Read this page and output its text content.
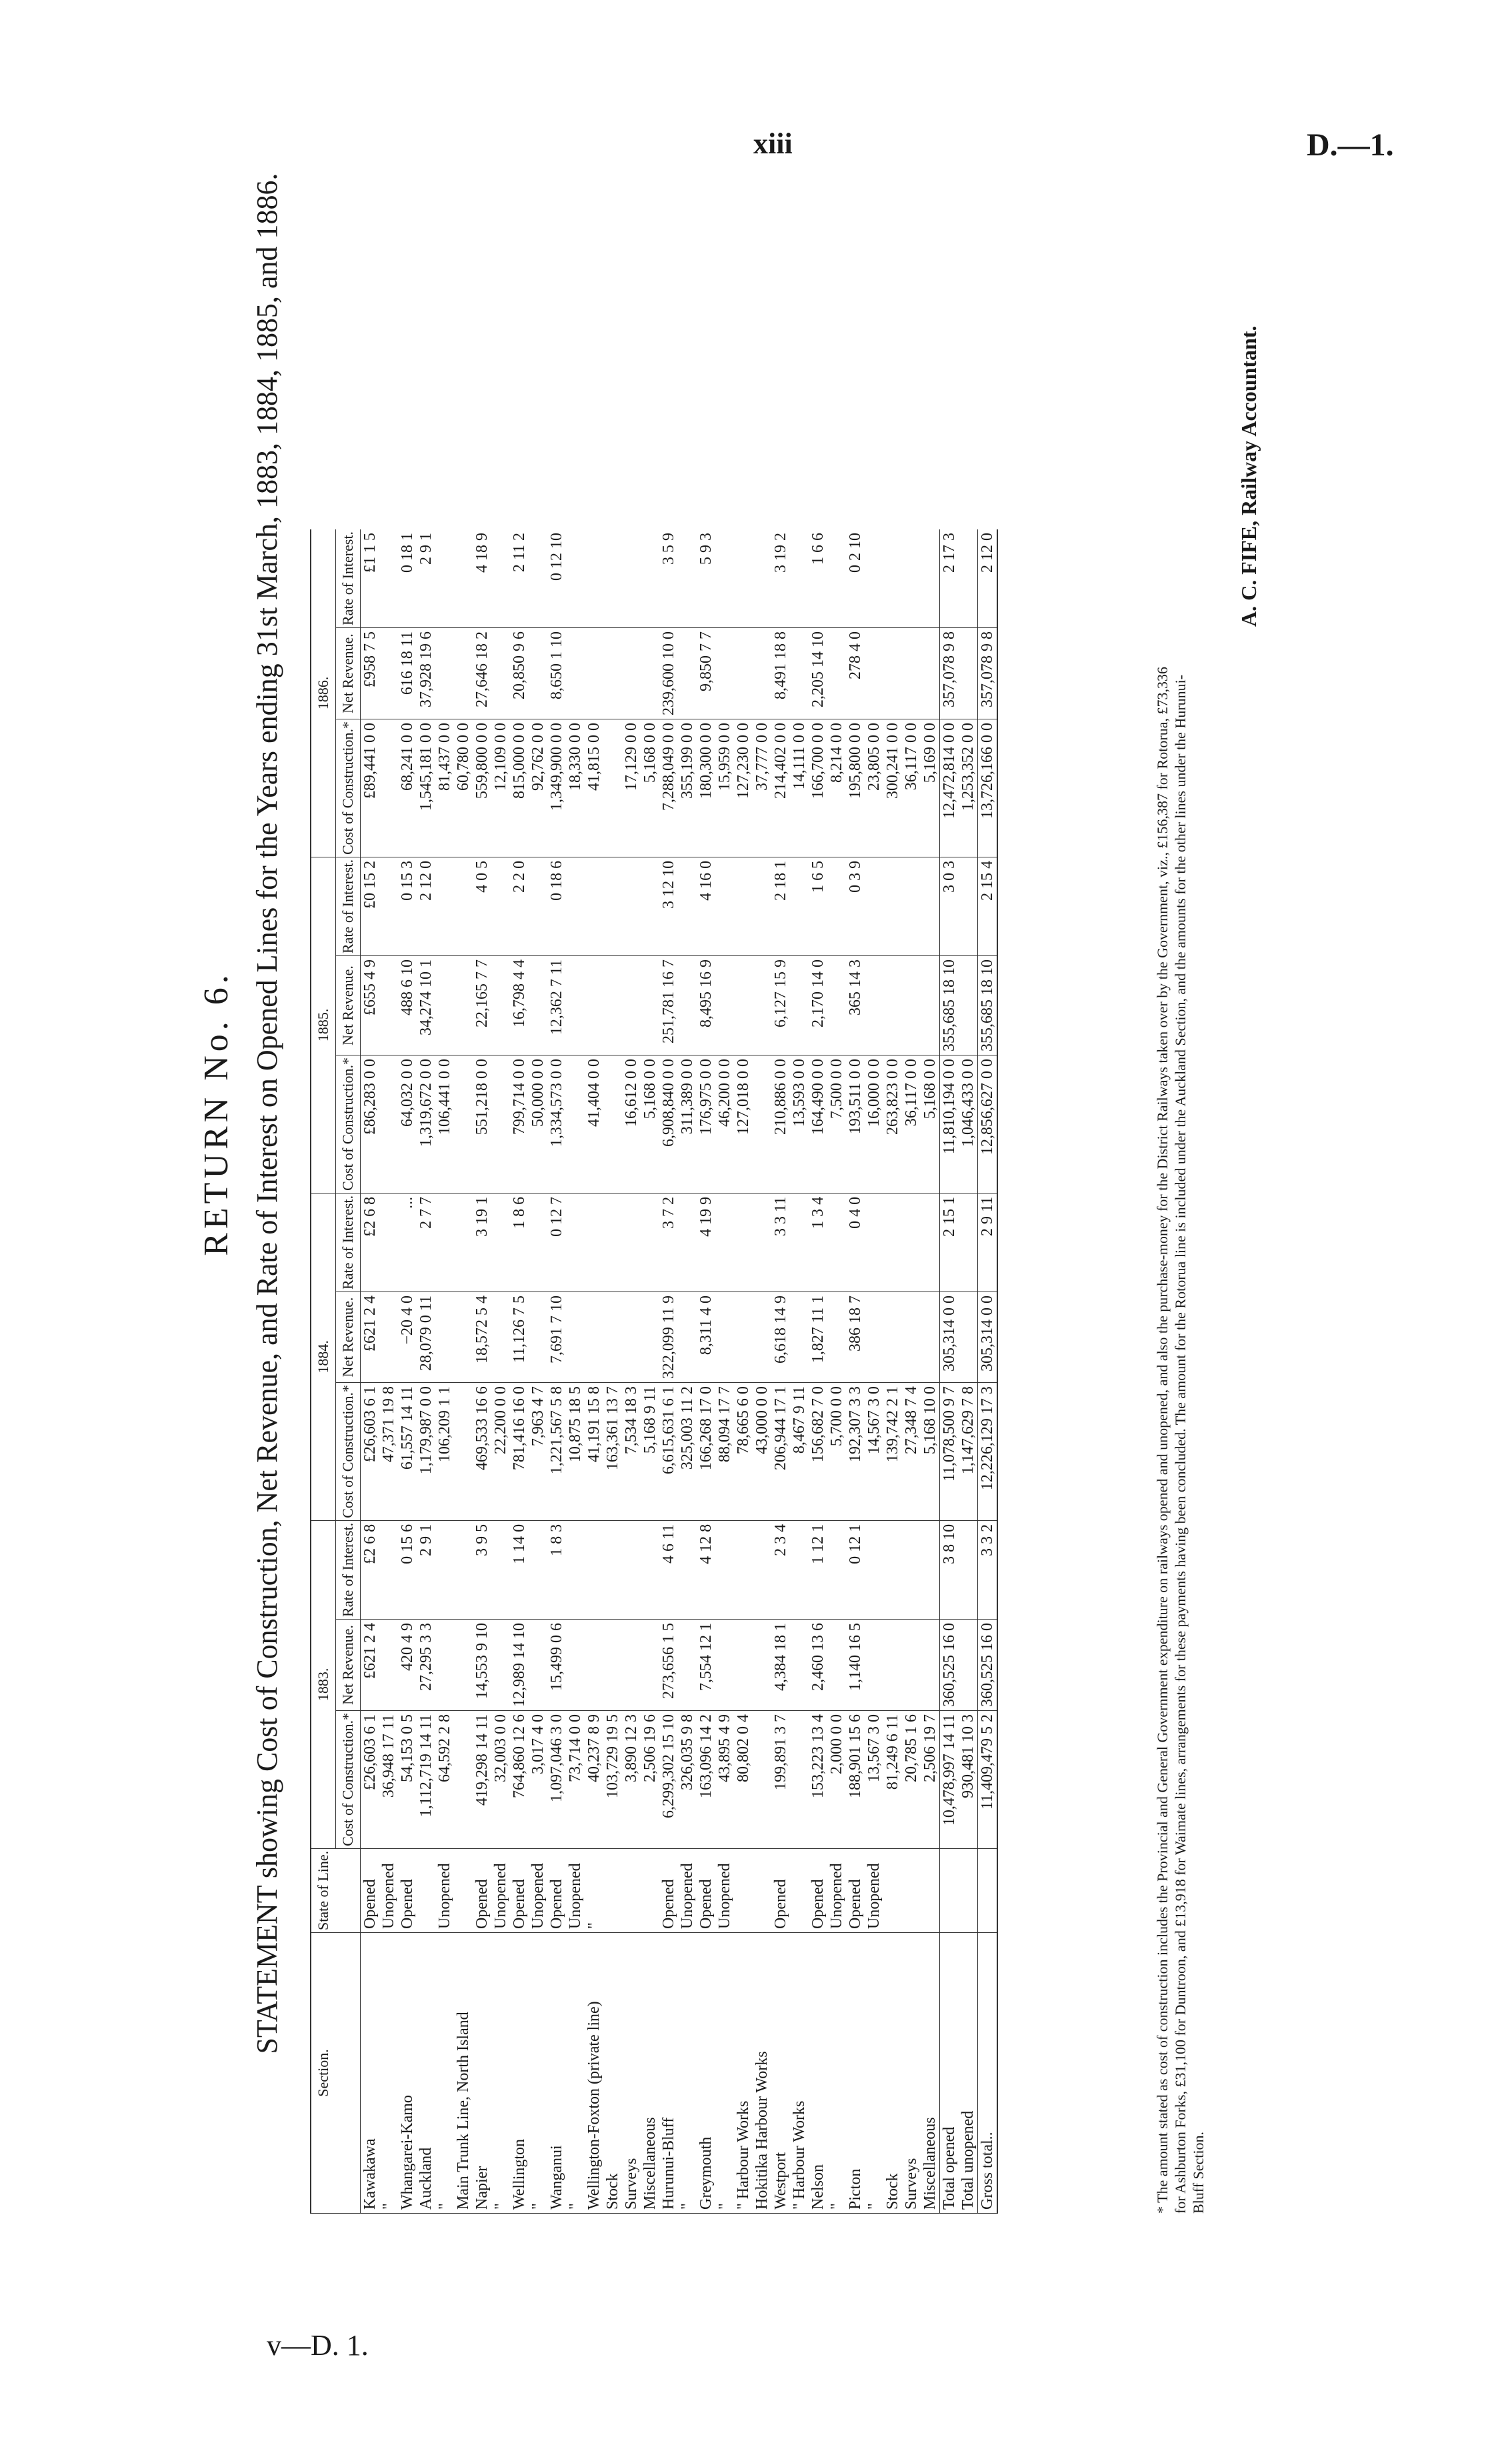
xiii	D.—1.
v—D. 1.
RETURN No. 6. STATEMENT showing Cost of Construction, Net Revenue, and Rate of Interest on Opened Lines for the Years ending 31st March, 1883, 1884, 1885, and 1886.
Section.	State of Line.	1883.			1884.			1885.			1886.		
		Cost of Construction.*	Net Revenue.	Rate of Interest.	Cost of Construction.*	Net Revenue.	Rate of Interest.	Cost of Construction.*	Net Revenue.	Rate of Interest.	Cost of Construction.*	Net Revenue.	Rate of Interest.
Kawakawa	Opened	£26,603 6 1	£621 2 4	£2 6 8	£26,603 6 1	£621 2 4	£2 6 8	£86,283 0 0	£655 4 9	£0 15 2	£89,441 0 0	£958 7 5	£1 1 5
"	Unopened	36,948 17 11			47,371 19 8								
Whangarei-Kamo	Opened	54,153 0 5	420 4 9	0 15 6	61,557 14 11	−20 4 0	...	64,032 0 0	488 6 10	0 15 3	68,241 0 0	616 18 11	0 18 1
Auckland		1,112,719 14 11	27,295 3 3	2 9 1	1,179,987 0 0	28,079 0 11	2 7 7	1,319,672 0 0	34,274 10 1	2 12 0	1,545,181 0 0	37,928 19 6	2 9 1
"	Unopened	64,592 2 8			106,209 1 1			106,441 0 0			81,437 0 0		
Main Trunk Line, North Island											60,780 0 0		
Napier	Opened	419,298 14 11	14,553 9 10	3 9 5	469,533 16 6	18,572 5 4	3 19 1	551,218 0 0	22,165 7 7	4 0 5	559,800 0 0	27,646 18 2	4 18 9
"	Unopened	32,003 0 0			22,200 0 0						12,109 0 0		
Wellington	Opened	764,860 12 6	12,989 14 10	1 14 0	781,416 16 0	11,126 7 5	1 8 6	799,714 0 0	16,798 4 4	2 2 0	815,000 0 0	20,850 9 6	2 11 2
"	Unopened	3,017 4 0			7,963 4 7			50,000 0 0			92,762 0 0		
Wanganui	Opened	1,097,046 3 0	15,499 0 6	1 8 3	1,221,567 5 8	7,691 7 10	0 12 7	1,334,573 0 0	12,362 7 11	0 18 6	1,349,900 0 0	8,650 1 10	0 12 10
"	Unopened	73,714 0 0			10,875 18 5						18,330 0 0		
Wellington-Foxton (private line)	"	40,237 8 9			41,191 15 8			41,404 0 0			41,815 0 0		
Stock		103,729 19 5			163,361 13 7								
Surveys		3,890 12 3			7,534 18 3			16,612 0 0			17,129 0 0		
Miscellaneous		2,506 19 6			5,168 9 11			5,168 0 0			5,168 0 0		
Hurunui-Bluff	Opened	6,299,302 15 10	273,656 1 5	4 6 11	6,615,631 6 1	322,099 11 9	3 7 2	6,908,840 0 0	251,781 16 7	3 12 10	7,288,049 0 0	239,600 10 0	3 5 9
"	Unopened	326,035 9 8			325,003 11 2			311,389 0 0			355,199 0 0		
Greymouth	Opened	163,096 14 2	7,554 12 1	4 12 8	166,268 17 0	8,311 4 0	4 19 9	176,975 0 0	8,495 16 9	4 16 0	180,300 0 0	9,850 7 7	5 9 3
"	Unopened	43,895 4 9			88,094 17 7			46,200 0 0			15,959 0 0		
" Harbour Works		80,802 0 4			78,665 6 0			127,018 0 0			127,230 0 0		
Hokitika Harbour Works					43,000 0 0						37,777 0 0		
Westport	Opened	199,891 3 7	4,384 18 1	2 3 4	206,944 17 1	6,618 14 9	3 3 11	210,886 0 0	6,127 15 9	2 18 1	214,402 0 0	8,491 18 8	3 19 2
" Harbour Works					8,467 9 11			13,593 0 0			14,111 0 0		
Nelson	Opened	153,223 13 4	2,460 13 6	1 12 1	156,682 7 0	1,827 11 1	1 3 4	164,490 0 0	2,170 14 0	1 6 5	166,700 0 0	2,205 14 10	1 6 6
"	Unopened	2,000 0 0			5,700 0 0			7,500 0 0			8,214 0 0		
Picton	Opened	188,901 15 6	1,140 16 5	0 12 1	192,307 3 3	386 18 7	0 4 0	193,511 0 0	365 14 3	0 3 9	195,800 0 0	278 4 0	0 2 10
"	Unopened	13,567 3 0			14,567 3 0			16,000 0 0			23,805 0 0		
Stock		81,249 6 11			139,742 2 1			263,823 0 0			300,241 0 0		
Surveys		20,785 1 6			27,348 7 4			36,117 0 0			36,117 0 0		
Miscellaneous		2,506 19 7			5,168 10 0			5,168 0 0			5,169 0 0		
Total opened		10,478,997 14 11	360,525 16 0	3 8 10	11,078,500 9 7	305,314 0 0	2 15 1	11,810,194 0 0	355,685 18 10	3 0 3	12,472,814 0 0	357,078 9 8	2 17 3
Total unopened		930,481 10 3			1,147,629 7 8			1,046,433 0 0			1,253,352 0 0		
Gross total..		11,409,479 5 2	360,525 16 0	3 3 2	12,226,129 17 3	305,314 0 0	2 9 11	12,856,627 0 0	355,685 18 10	2 15 4	13,726,166 0 0	357,078 9 8	2 12 0
* The amount stated as cost of construction includes the Provincial and General Government expenditure on railways opened and unopened, and also the purchase-money for the District Railways taken over by the Government, viz., £156,387 for Rotorua, £73,336 for Ashburton Forks, £31,100 for Duntroon, and £13,918 for Waimate lines, arrangements for these payments having been concluded. The amount for the Rotorua line is included under the Auckland Section, and the amounts for the other lines under the Hurunui-Bluff Section.
A. C. FIFE, Railway Accountant.
